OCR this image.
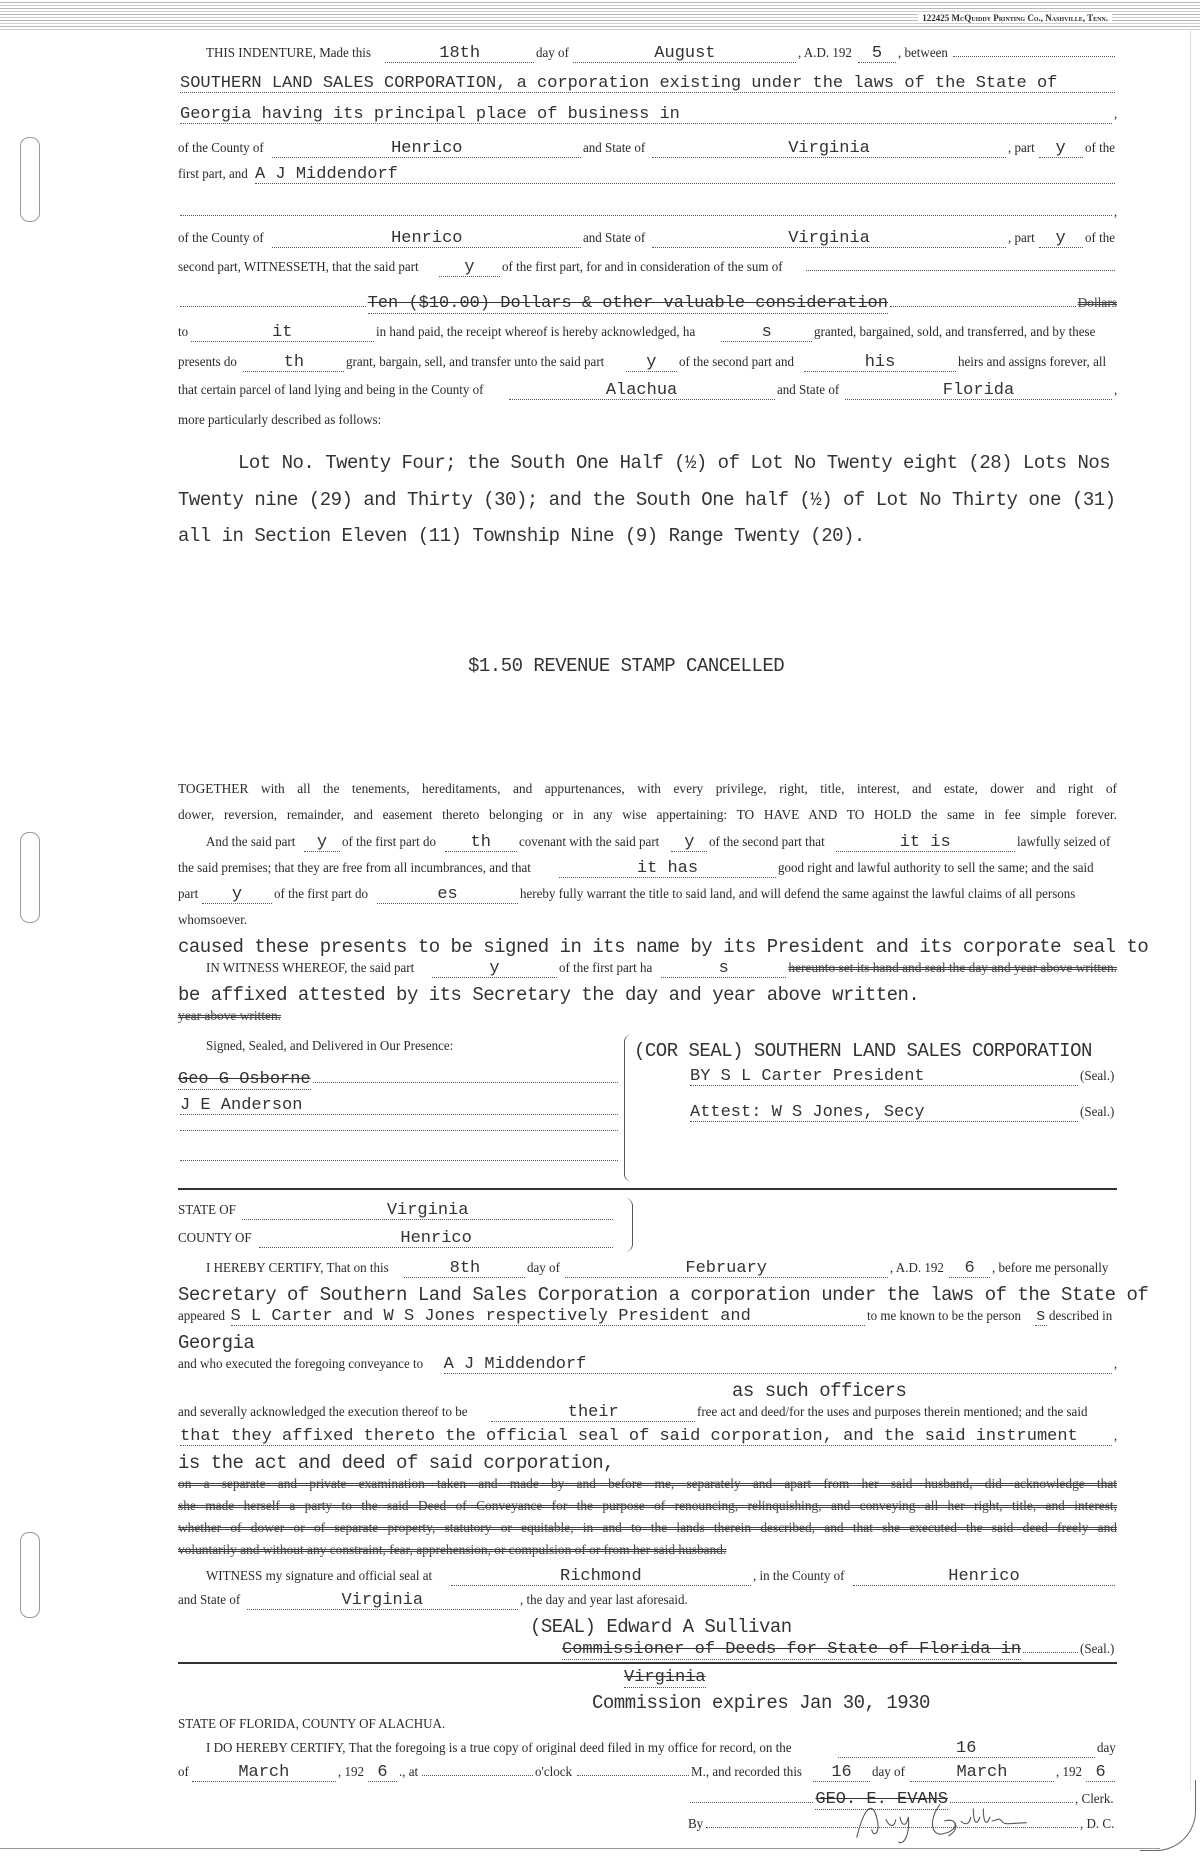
122425 McQuiddy Printing Co., Nashville, Tenn.
THIS INDENTURE, Made this	18th	day of	August	, A.D. 192	5	, between
SOUTHERN LAND SALES CORPORATION, a corporation existing under the laws of the State of
Georgia having its principal place of business in	,
of the County of	Henrico	and State of	Virginia	, part	y	of the
first part, and A J Middendorf
,
of the County of	Henrico	and State of	Virginia	, part	y	of the
second part, WITNESSETH, that the said part	y	of the first part, for and in consideration of the sum of
Ten ($10.00) Dollars & other valuable consideration	Dollars
to	it	in hand paid, the receipt whereof is hereby acknowledged, ha	s	granted, bargained, sold, and transferred, and by these
presents do	th	grant, bargain, sell, and transfer unto the said part	y	of the second part and	his	heirs and assigns forever, all
that certain parcel of land lying and being in the County of	Alachua	and State of	Florida	,
more particularly described as follows:
Lot No. Twenty Four; the South One Half (½) of Lot No Twenty eight (28) Lots Nos
Twenty nine (29) and Thirty (30); and the South One half (½) of Lot No Thirty one (31)
all in Section Eleven (11) Township Nine (9) Range Twenty (20).
$1.50 REVENUE STAMP CANCELLED
TOGETHER with all the tenements, hereditaments, and appurtenances, with every privilege, right, title, interest, and estate, dower and right of
dower, reversion, remainder, and easement thereto belonging or in any wise appertaining: TO HAVE AND TO HOLD the same in fee simple forever.
And the said part	y	of the first part do	th	covenant with the said part	y	of the second part that	it is	lawfully seized of
the said premises; that they are free from all incumbrances, and that	it has	good right and lawful authority to sell the same; and the said
part	y	of the first part do	es	hereby fully warrant the title to said land, and will defend the same against the lawful claims of all persons
whomsoever.
caused these presents to be signed in its name by its President and its corporate seal to
IN WITNESS WHEREOF, the said part	y	of the first part ha	s	hereunto set its hand and seal the day and year above written.
be affixed attested by its Secretary the day and year above written.
year above written.
Signed, Sealed, and Delivered in Our Presence:
Geo G Osborne
J E Anderson
(COR SEAL) SOUTHERN LAND SALES CORPORATION
BY S L Carter President	(Seal.)
Attest: W S Jones, Secy	(Seal.)
STATE OF	Virginia
COUNTY OF	Henrico
I HEREBY CERTIFY, That on this	8th	day of	February	, A.D. 192	6	, before me personally
Secretary of Southern Land Sales Corporation a corporation under the laws of the State of
appeared S L Carter and W S Jones respectively President and	to me known to be the person s described in
Georgia
and who executed the foregoing conveyance to A J Middendorf	,
as such officers
and severally acknowledged the execution thereof to be	their	free act and deed/for the uses and purposes therein mentioned; and the said
that they affixed thereto the official seal of said corporation, and the said instrument	,
is the act and deed of said corporation,
on a separate and private examination taken and made by and before me, separately and apart from her said husband, did acknowledge that
she made herself a party to the said Deed of Conveyance for the purpose of renouncing, relinquishing, and conveying all her right, title, and interest,
whether of dower or of separate property, statutory or equitable, in and to the lands therein described, and that she executed the said deed freely and
voluntarily and without any constraint, fear, apprehension, or compulsion of or from her said husband.
WITNESS my signature and official seal at	Richmond	, in the County of	Henrico
and State of	Virginia	, the day and year last aforesaid.
(SEAL) Edward A Sullivan
Commissioner of Deeds for State of Florida in	(Seal.)
Virginia
Commission expires Jan 30, 1930
STATE OF FLORIDA, COUNTY OF ALACHUA.
I DO HEREBY CERTIFY, That the foregoing is a true copy of original deed filed in my office for record, on the	16	day
of	March	, 192 6 ., at	o'clock	M., and recorded this	16	day of	March	, 192 6
GEO. E. EVANS	, Clerk.
By	, D. C.
